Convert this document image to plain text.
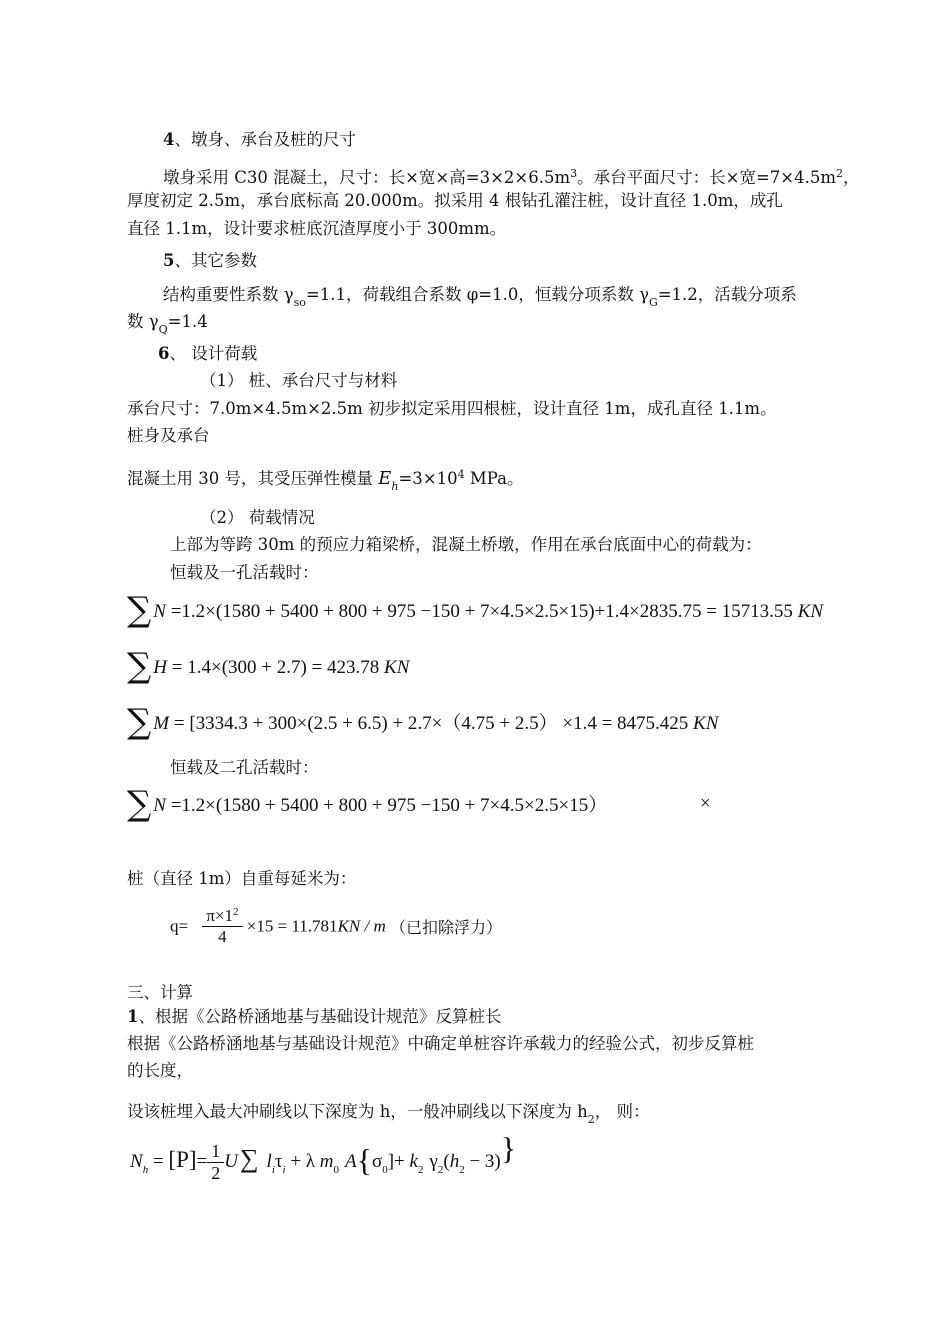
4、墩身、承台及桩的尺寸
墩身采用 C30 混凝土，尺寸：长×宽×高$=3\times 2\times 6.5m^3$。承台平面尺寸：长×宽$=7\times 4.5m^2$，
厚度初定 2.5m，承台底标高 20.000m。拟采用 4 根钻孔灌注桩，设计直径 1.0m，成孔
直径 1.1m，设计要求桩底沉渣厚度小于 300mm。
5、其它参数
结构重要性系数 $\gamma_{so}=1.1$，荷载组合系数 φ=1.0，恒载分项系数 $\gamma_G=1.2$，活载分项系
数 $\gamma_Q=1.4$
6、 设计荷载
（1） 桩、承台尺寸与材料
承台尺寸：7.0m×4.5m×2.5m 初步拟定采用四根桩，设计直径 1m，成孔直径 1.1m。
桩身及承台
混凝土用 30 号，其受压弹性模量 $E_h=3\times 10^4$ MPa。
（2） 荷载情况
上部为等跨 30m 的预应力箱梁桥，混凝土桥墩，作用在承台底面中心的荷载为：
恒载及一孔活载时：
∑ N =1.2×(1580 + 5400 + 800 + 975 −150 + 7×4.5×2.5×15)+1.4×2835.75 = 15713.55 KN
∑ H = 1.4×(300 + 2.7) = 423.78 KN
∑ M = [3334.3 + 300×(2.5 + 6.5) + 2.7×（4.75 + 2.5） ×1.4 = 8475.425 KN
恒载及二孔活载时：
∑ N =1.2×(1580 + 5400 + 800 + 975 −150 + 7×4.5×2.5×15）	×
桩（直径 1m）自重每延米为：
$q= \frac{\pi\times 1^2}{4} \times 15 = 11.781KN / m$ （已扣除浮力）
三、计算
1、根据《公路桥涵地基与基础设计规范》反算桩长
根据《公路桥涵地基与基础设计规范》中确定单桩容许承载力的经验公式，初步反算桩
的长度，
设该桩埋入最大冲刷线以下深度为 h，一般冲刷线以下深度为 $h_2$， 则：
$N_h = [P]= \frac{1}{2} U\sum$ $l_i\tau_i + \lambda$ $m_0$ $A\{\sigma_0]+ k_2$ $\gamma_2(h_2 - 3)$}
